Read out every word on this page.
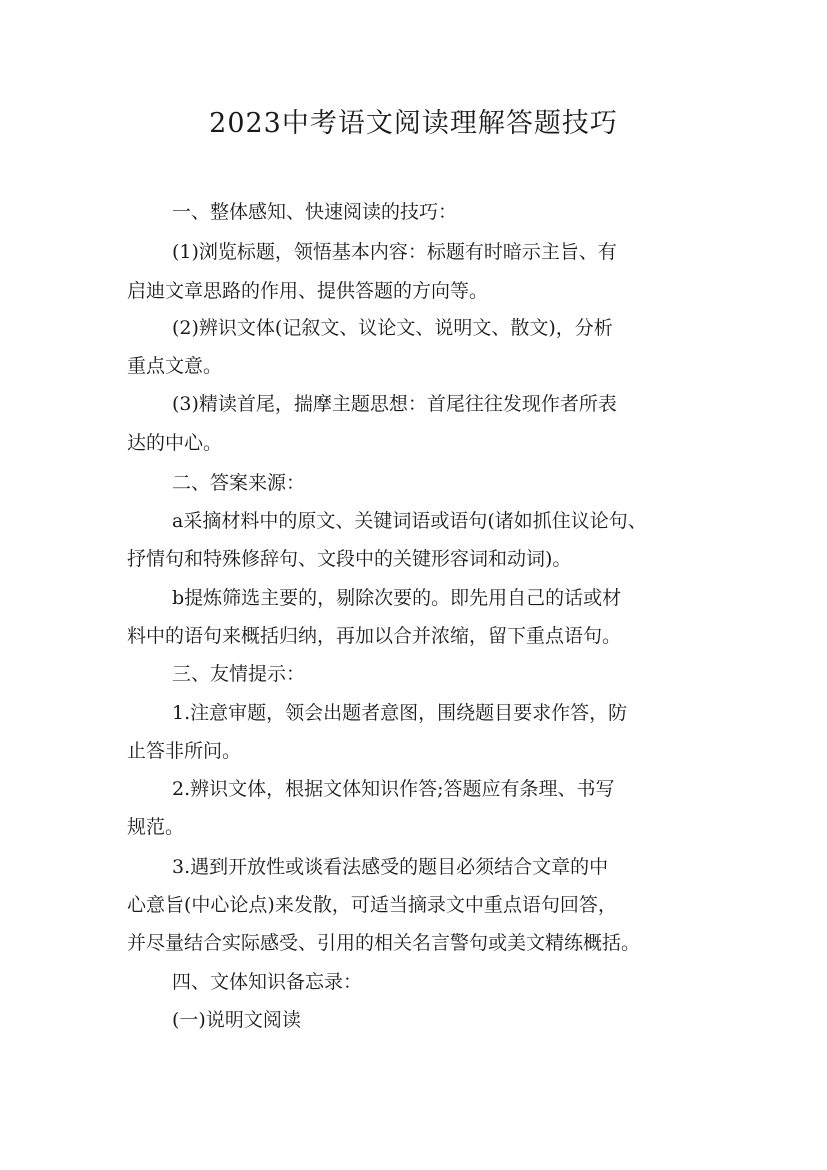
2023中考语文阅读理解答题技巧
一、整体感知、快速阅读的技巧：
(1)浏览标题，领悟基本内容：标题有时暗示主旨、有
启迪文章思路的作用、提供答题的方向等。
(2)辨识文体(记叙文、议论文、说明文、散文)，分析
重点文意。
(3)精读首尾，揣摩主题思想：首尾往往发现作者所表
达的中心。
二、答案来源：
a采摘材料中的原文、关键词语或语句(诸如抓住议论句、
抒情句和特殊修辞句、文段中的关键形容词和动词)。
b提炼筛选主要的，剔除次要的。即先用自己的话或材
料中的语句来概括归纳，再加以合并浓缩，留下重点语句。
三、友情提示：
1.注意审题，领会出题者意图，围绕题目要求作答，防
止答非所问。
2.辨识文体，根据文体知识作答;答题应有条理、书写
规范。
3.遇到开放性或谈看法感受的题目必须结合文章的中
心意旨(中心论点)来发散，可适当摘录文中重点语句回答，
并尽量结合实际感受、引用的相关名言警句或美文精练概括。
四、文体知识备忘录：
(一)说明文阅读
